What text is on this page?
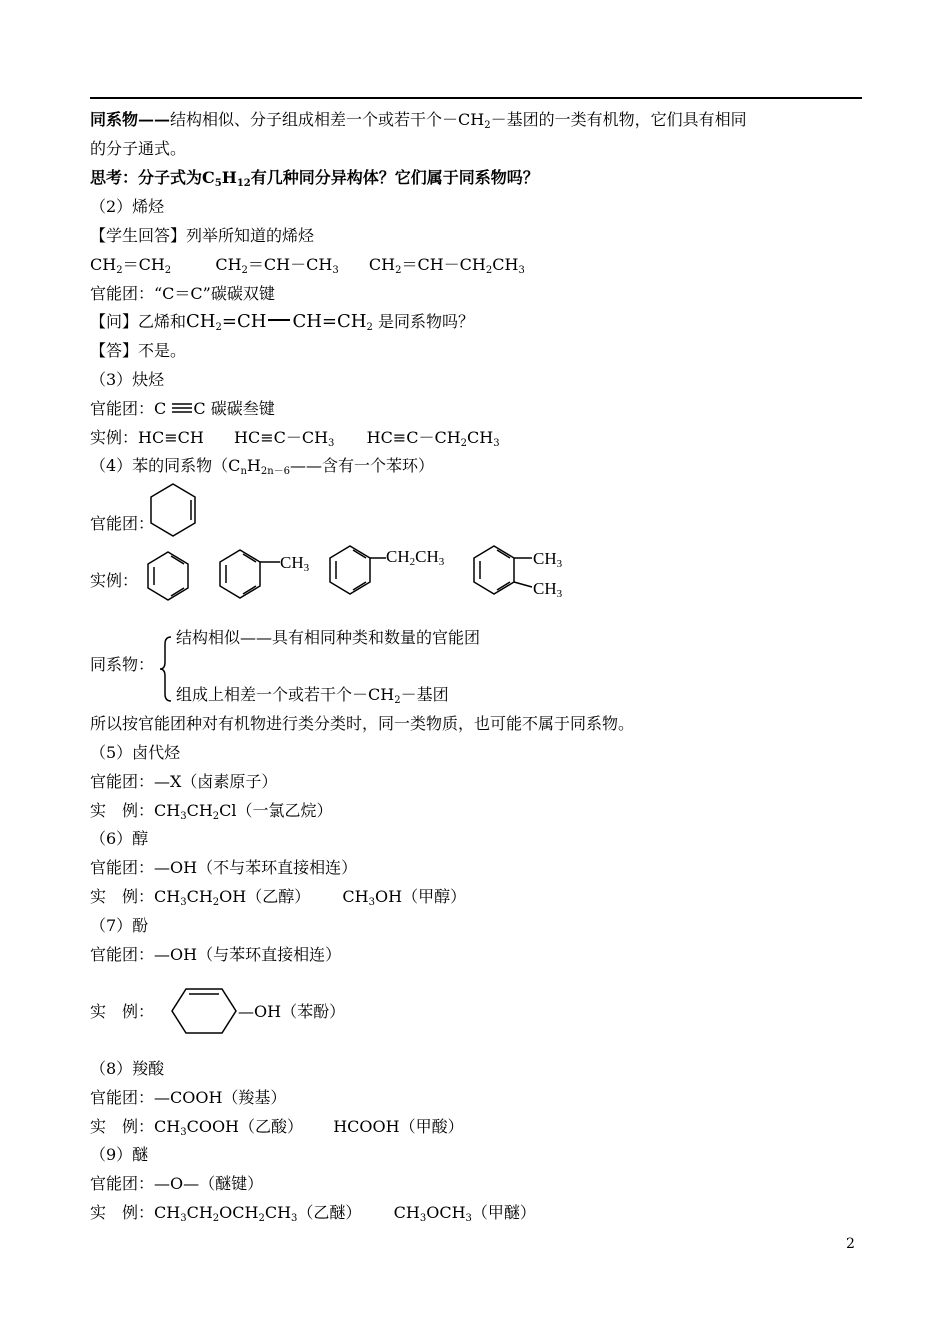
同系物——结构相似、分子组成相差一个或若干个$-CH_2-$基团的一类有机物，它们具有相同
的分子通式。
思考：分子式为$C_5H_{12}$有几种同分异构体？它们属于同系物吗？
（2）烯烃
【学生回答】列举所知道的烯烃
$CH_2=CH_2$	$CH_2=CH-CH_3$ $CH_2=CH-CH_2CH_3$
官能团：“C＝C”碳碳双键
【问】乙烯和$CH_2=CH$ $CH=CH_2$ 是同系物吗？
【答】不是。
（3）炔烃
官能团：C C 碳碳叁键
实例：HC≡CH $HC\equiv C-CH_3$ $HC\equiv C-CH_2CH_3$
（4）苯的同系物（$C_nH_{2n-6}——$含有一个苯环）
官能团：
实例：
CH3
CH2CH3	CH3
CH3
同系物：
结构相似——具有相同种类和数量的官能团
组成上相差一个或若干个$-CH_2-$基团
所以按官能团种对有机物进行类分类时，同一类物质，也可能不属于同系物。
（5）卤代烃
官能团：—X（卤素原子）
实　例：$CH_3CH_2Cl$（一氯乙烷）
（6）醇
官能团：—OH（不与苯环直接相连）
实　例：$CH_3CH_2OH$（乙醇） $CH_3OH$（甲醇）
（7）酚
官能团：—OH（与苯环直接相连）
实　例：	—OH（苯酚）
（8）羧酸
官能团：—COOH（羧基）
实　例：$CH_3COOH$（乙酸） HCOOH（甲酸）
（9）醚
官能团：—O—（醚键）
实　例：$CH_3CH_2OCH_2CH_3$（乙醚） $CH_3OCH_3$（甲醚）
2
